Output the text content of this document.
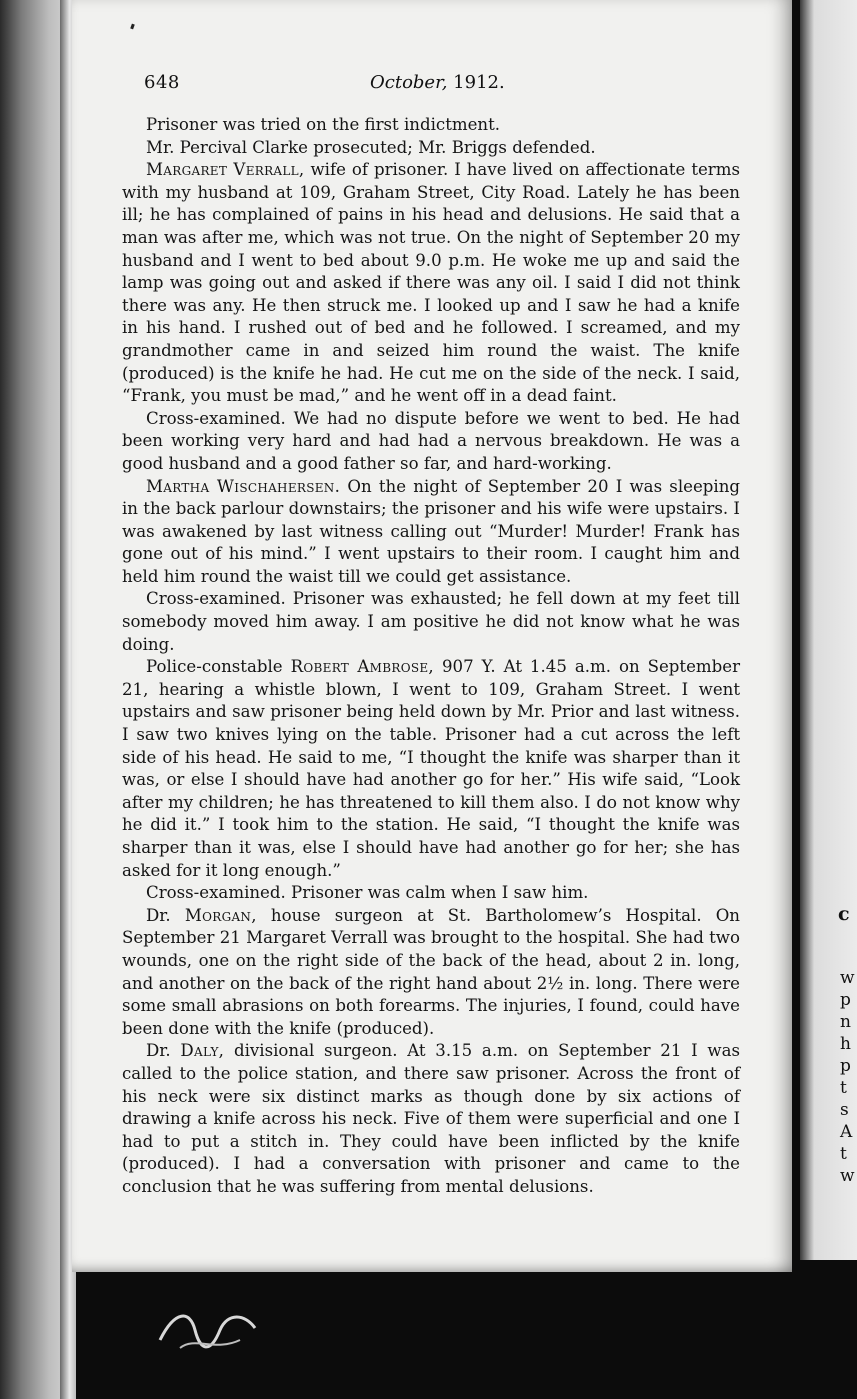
648	October, 1912.

Prisoner was tried on the first indictment.

Mr. Percival Clarke prosecuted; Mr. Briggs defended.

Margaret Verrall, wife of prisoner. I have lived on affectionate terms with my husband at 109, Graham Street, City Road. Lately he has been ill; he has complained of pains in his head and delusions. He said that a man was after me, which was not true. On the night of September 20 my husband and I went to bed about 9.0 p.m. He woke me up and said the lamp was going out and asked if there was any oil. I said I did not think there was any. He then struck me. I looked up and I saw he had a knife in his hand. I rushed out of bed and he followed. I screamed, and my grandmother came in and seized him round the waist. The knife (produced) is the knife he had. He cut me on the side of the neck. I said, “Frank, you must be mad,” and he went off in a dead faint.

Cross-examined. We had no dispute before we went to bed. He had been working very hard and had had a nervous breakdown. He was a good husband and a good father so far, and hard-working.

Martha Wischahersen. On the night of September 20 I was sleeping in the back parlour downstairs; the prisoner and his wife were upstairs. I was awakened by last witness calling out “Murder! Murder! Frank has gone out of his mind.” I went upstairs to their room. I caught him and held him round the waist till we could get assistance.

Cross-examined. Prisoner was exhausted; he fell down at my feet till somebody moved him away. I am positive he did not know what he was doing.

Police-constable Robert Ambrose, 907 Y. At 1.45 a.m. on September 21, hearing a whistle blown, I went to 109, Graham Street. I went upstairs and saw prisoner being held down by Mr. Prior and last witness. I saw two knives lying on the table. Prisoner had a cut across the left side of his head. He said to me, “I thought the knife was sharper than it was, or else I should have had another go for her.” His wife said, “Look after my children; he has threatened to kill them also. I do not know why he did it.” I took him to the station. He said, “I thought the knife was sharper than it was, else I should have had another go for her; she has asked for it long enough.”

Cross-examined. Prisoner was calm when I saw him.

Dr. Morgan, house surgeon at St. Bartholomew’s Hospital. On September 21 Margaret Verrall was brought to the hospital. She had two wounds, one on the right side of the back of the head, about 2 in. long, and another on the back of the right hand about 2½ in. long. There were some small abrasions on both forearms. The injuries, I found, could have been done with the knife (produced).

Dr. Daly, divisional surgeon. At 3.15 a.m. on September 21 I was called to the police station, and there saw prisoner. Across the front of his neck were six distinct marks as though done by six actions of drawing a knife across his neck. Five of them were superficial and one I had to put a stitch in. They could have been inflicted by the knife (produced). I had a conversation with prisoner and came to the conclusion that he was suffering from mental delusions.

c
w
p
n
h
p
t
s
A
t
w
